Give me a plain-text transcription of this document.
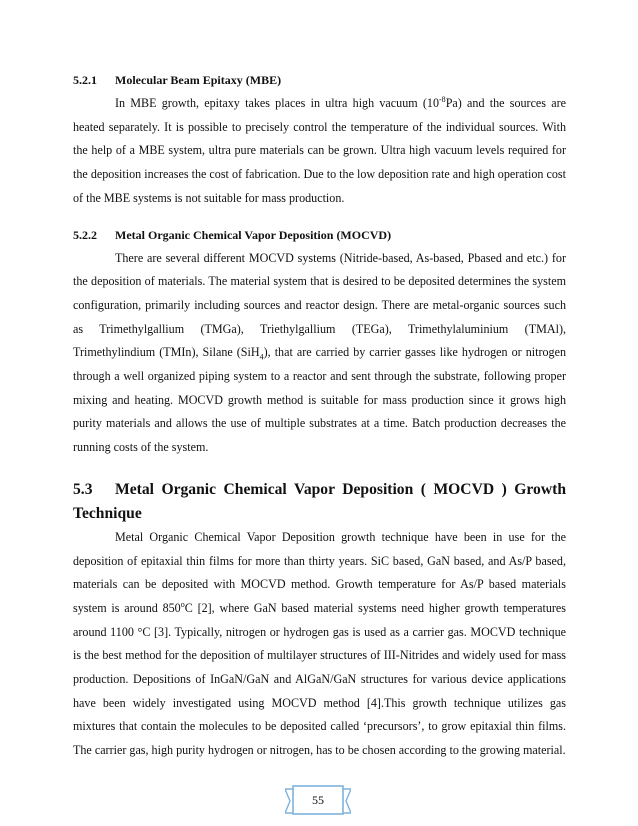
5.2.1 Molecular Beam Epitaxy (MBE)

In MBE growth, epitaxy takes places in ultra high vacuum $(10^{-8}Pa)$ and the sources are heated separately. It is possible to precisely control the temperature of the individual sources. With the help of a MBE system, ultra pure materials can be grown. Ultra high vacuum levels required for the deposition increases the cost of fabrication. Due to the low deposition rate and high operation cost of the MBE systems is not suitable for mass production.

5.2.2 Metal Organic Chemical Vapor Deposition (MOCVD)

There are several different MOCVD systems (Nitride-based, As-based, Pbased and etc.) for the deposition of materials. The material system that is desired to be deposited determines the system configuration, primarily including sources and reactor design. There are metal-organic sources such as Trimethylgallium (TMGa), Triethylgallium (TEGa), Trimethylaluminium (TMAl), Trimethylindium (TMIn), Silane (SiH$_4$), that are carried by carrier gasses like hydrogen or nitrogen through a well organized piping system to a reactor and sent through the substrate, following proper mixing and heating. MOCVD growth method is suitable for mass production since it grows high purity materials and allows the use of multiple substrates at a time. Batch production decreases the running costs of the system.

5.3 Metal Organic Chemical Vapor Deposition ( MOCVD ) Growth
Technique

Metal Organic Chemical Vapor Deposition growth technique have been in use for the deposition of epitaxial thin films for more than thirty years. SiC based, GaN based, and As/P based, materials can be deposited with MOCVD method. Growth temperature for As/P based materials system is around 850$^o$C [2], where GaN based material systems need higher growth temperatures around 1100 °C [3]. Typically, nitrogen or hydrogen gas is used as a carrier gas. MOCVD technique is the best method for the deposition of multilayer structures of III-Nitrides and widely used for mass production. Depositions of InGaN/GaN and AlGaN/GaN structures for various device applications have been widely investigated using MOCVD method [4].This growth technique utilizes gas mixtures that contain the molecules to be deposited called ‘precursors’, to grow epitaxial thin films. The carrier gas, high purity hydrogen or nitrogen, has to be chosen according to the growing material.

55
